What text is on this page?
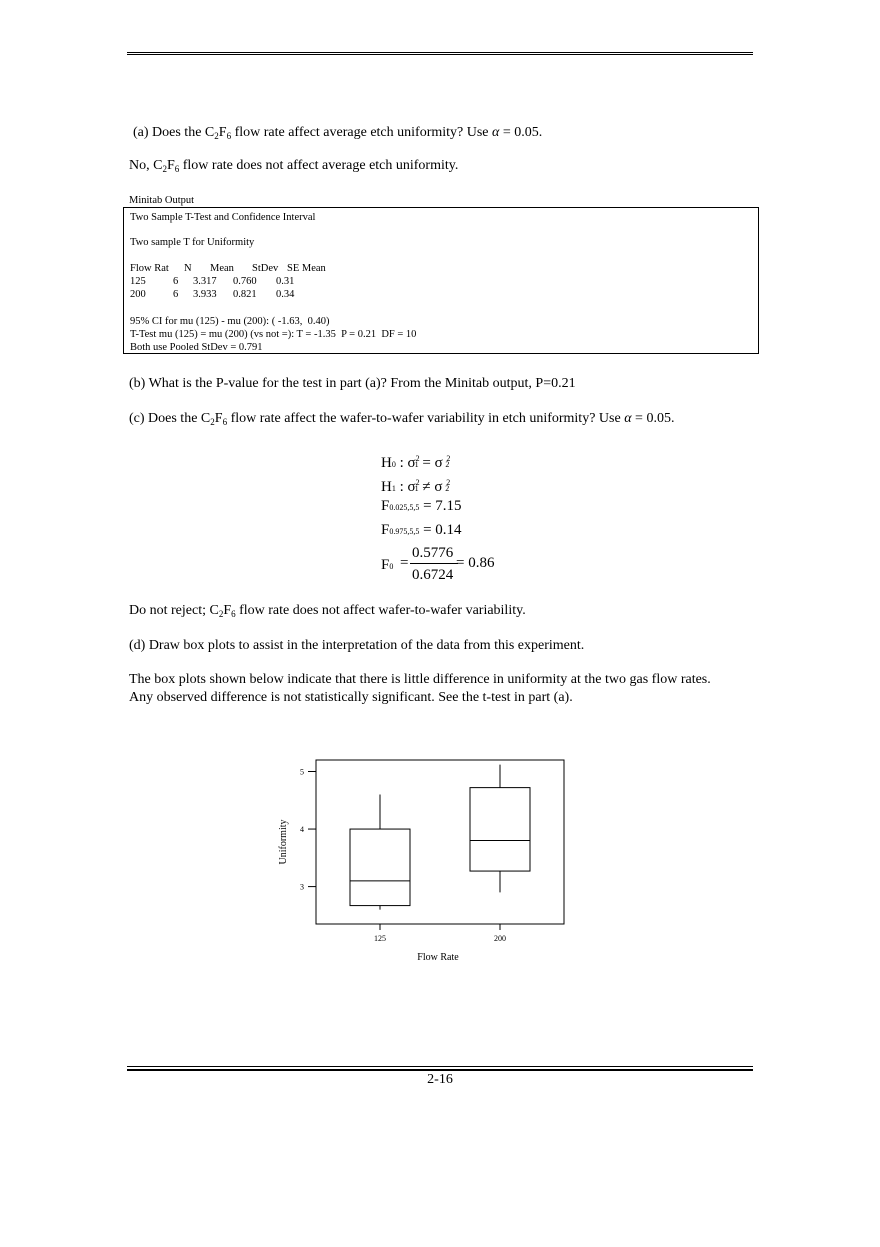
(a) Does the $C_2F_6$ flow rate affect average etch uniformity? Use α = 0.05.
No, $C_2F_6$ flow rate does not affect average etch uniformity.
Minitab Output
Two Sample T-Test and Confidence Interval
Two sample T for Uniformity
Flow Rat N Mean StDev SE Mean
125	6 3.317 0.760 0.31
200	6 3.933 0.821 0.34
95% CI for mu (125) - mu (200): ( -1.63,  0.40)
T-Test mu (125) = mu (200) (vs not =): T = -1.35  P = 0.21  DF = 10
Both use Pooled StDev = 0.791
(b) What is the P-value for the test in part (a)? From the Minitab output, P=0.21
(c) Does the $C_2F_6$ flow rate affect the wafer-to-wafer variability in etch uniformity? Use α = 0.05.
H0 : $\sigma^21 = \sigma$ $^2$2
H1 : $\sigma^21 \ne \sigma$ $^2$2
F0.025,5,5 = 7.15
F0.975,5,5 = 0.14
F0 =
0.5776
0.6724
= 0.86
Do not reject; $C_2F_6$ flow rate does not affect wafer-to-wafer variability.
(d) Draw box plots to assist in the interpretation of the data from this experiment.
The box plots shown below indicate that there is little difference in uniformity at the two gas flow rates.
Any observed difference is not statistically significant. See the t-test in part (a).
3
4
5
125	200
Uniformity
Flow Rate
2-16
